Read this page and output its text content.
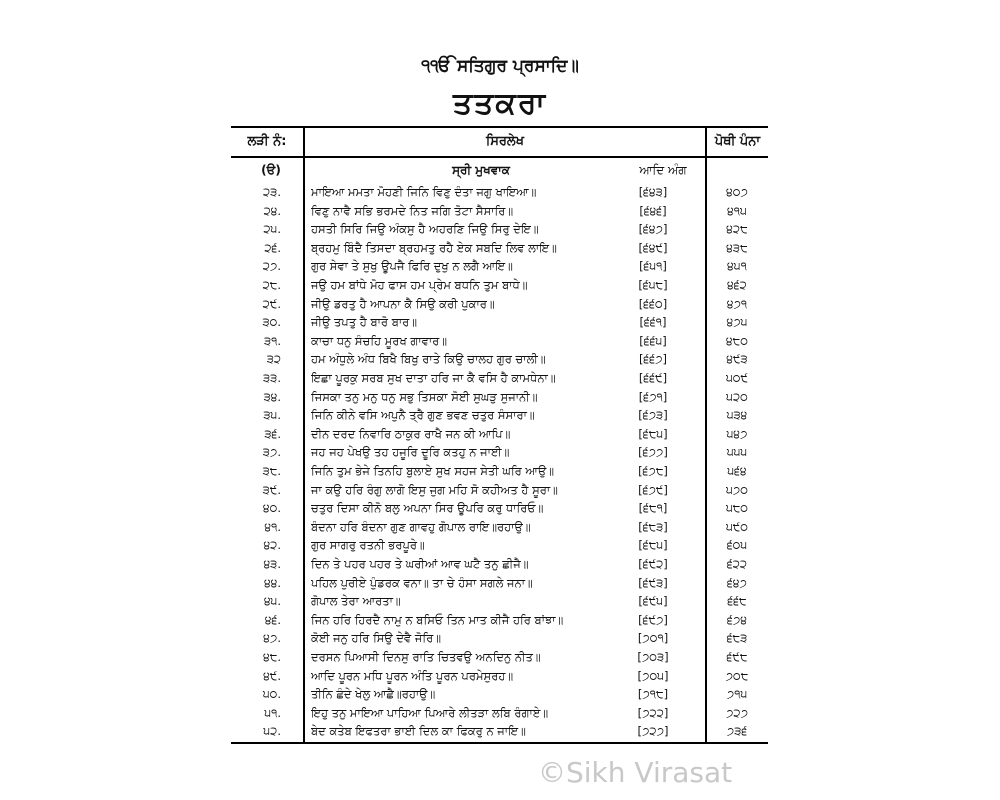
੧ੴ ਸਤਿਗੁਰ ਪ੍ਰਸਾਦਿ॥
ਤਤਕਰਾ
ਲੜੀ ਨੰ:	ਸਿਰਲੇਖ	ਪੋਥੀ ਪੰਨਾ
(ੳ)	ਸ੍ਰੀ ਮੁਖਵਾਕ	ਆਦਿ ਅੰਗ
੨੩.	ਮਾਇਆ ਮਮਤਾ ਮੋਹਣੀ ਜਿਨਿ ਵਿਣੁ ਦੰਤਾ ਜਗੁ ਖਾਇਆ॥	[੬੪੩]	੪੦੭
੨੪.	ਵਿਣੁ ਨਾਵੈ ਸਭਿ ਭਰਮਦੇ ਨਿਤ ਜਗਿ ਤੋਟਾ ਸੈਸਾਰਿ॥	[੬੪੬]	੪੧੫
੨੫.	ਹਸਤੀ ਸਿਰਿ ਜਿਉ ਅੰਕਸੁ ਹੈ ਅਹਰਣਿ ਜਿਉ ਸਿਰੁ ਦੇਇ॥	[੬੪੭]	੪੨੮
੨੬.	ਬ੍ਰਹਮੁ ਬਿੰਦੈ ਤਿਸਦਾ ਬ੍ਰਹਮਤੁ ਰਹੈ ਏਕ ਸਬਦਿ ਲਿਵ ਲਾਇ॥	[੬੪੯]	੪੩੮
੨੭.	ਗੁਰ ਸੇਵਾ ਤੇ ਸੁਖੁ ਊਪਜੈ ਫਿਰਿ ਦੁਖੁ ਨ ਲਗੈ ਆਇ॥	[੬੫੧]	੪੫੧
੨੮.	ਜਉ ਹਮ ਬਾਂਧੇ ਮੋਹ ਫਾਸ ਹਮ ਪ੍ਰੇਮ ਬਧਨਿ ਤੁਮ ਬਾਧੇ॥	[੬੫੮]	੪੬੨
੨੯.	ਜੀਉ ਡਰਤੁ ਹੈ ਆਪਨਾ ਕੈ ਸਿਉ ਕਰੀ ਪੁਕਾਰ॥	[੬੬੦]	੪੭੧
੩੦.	ਜੀਉ ਤਪਤੁ ਹੈ ਬਾਰੋ ਬਾਰ॥	[੬੬੧]	੪੭੫
੩੧.	ਕਾਚਾ ਧਨੁ ਸੰਚਹਿ ਮੂਰਖ ਗਾਵਾਰ॥	[੬੬੫]	੪੮੦
੩੨	ਹਮ ਅੰਧੁਲੇ ਅੰਧ ਬਿਖੈ ਬਿਖੁ ਰਾਤੇ ਕਿਉ ਚਾਲਹ ਗੁਰ ਚਾਲੀ॥	[੬੬੭]	੪੯੩
੩੩.	ਇਛਾ ਪੂਰਕੁ ਸਰਬ ਸੁਖ ਦਾਤਾ ਹਰਿ ਜਾ ਕੈ ਵਸਿ ਹੈ ਕਾਮਧੇਨਾ॥	[੬੬੯]	੫੦੯
੩੪.	ਜਿਸਕਾ ਤਨੁ ਮਨੁ ਧਨੁ ਸਭੁ ਤਿਸਕਾ ਸੋਈ ਸੁਘੜੁ ਸੁਜਾਨੀ॥	[੬੭੧]	੫੨੦
੩੫.	ਜਿਨਿ ਕੀਨੇ ਵਸਿ ਅਪੁਨੈ ਤ੍ਰੈ ਗੁਣ ਭਵਣ ਚਤੁਰ ਸੰਸਾਰਾ॥	[੬੭੩]	੫੩੪
੩੬.	ਦੀਨ ਦਰਦ ਨਿਵਾਰਿ ਠਾਕੁਰ ਰਾਖੈ ਜਨ ਕੀ ਆਪਿ॥	[੬੮੫]	੫੪੭
੩੭.	ਜਹ ਜਹ ਪੇਖਉ ਤਹ ਹਜੂਰਿ ਦੂਰਿ ਕਤਹੁ ਨ ਜਾਈ॥	[੬੭੭]	੫੫੫
੩੮.	ਜਿਨਿ ਤੁਮ ਭੇਜੇ ਤਿਨਹਿ ਬੁਲਾਏ ਸੁਖ ਸਹਜ ਸੇਤੀ ਘਰਿ ਆਉ॥	[੬੭੮]	੫੬੪
੩੯.	ਜਾ ਕਉ ਹਰਿ ਰੰਗੁ ਲਾਗੋ ਇਸੁ ਜੁਗ ਮਹਿ ਸੋ ਕਹੀਅਤ ਹੈ ਸੂਰਾ॥	[੬੭੯]	੫੭੦
੪੦.	ਚਤੁਰ ਦਿਸਾ ਕੀਨੋ ਬਲੁ ਅਪਨਾ ਸਿਰ ਊਪਰਿ ਕਰੁ ਧਾਰਿਓ॥	[੬੮੧]	੫੮੦
੪੧.	ਬੰਦਨਾ ਹਰਿ ਬੰਦਨਾ ਗੁਣ ਗਾਵਹੁ ਗੋਪਾਲ ਰਾਇ॥ਰਹਾਉ॥	[੬੮੩]	੫੯੦
੪੨.	ਗੁਰ ਸਾਗਰੁ ਰਤਨੀ ਭਰਪੂਰੇ॥	[੬੮੫]	੬੦੫
੪੩.	ਦਿਨ ਤੇ ਪਹਰ ਪਹਰ ਤੇ ਘਰੀਆਂ ਆਵ ਘਟੈ ਤਨੁ ਛੀਜੈ॥	[੬੯੨]	੬੨੨
੪੪.	ਪਹਿਲ ਪੁਰੀਏ ਪੁੰਡਰਕ ਵਨਾ॥ ਤਾ ਚੇ ਹੰਸਾ ਸਗਲੇ ਜਨਾ॥	[੬੯੩]	੬੪੭
੪੫.	ਗੋਪਾਲ ਤੇਰਾ ਆਰਤਾ॥	[੬੯੫]	੬੬੮
੪੬.	ਜਿਨ ਹਰਿ ਹਿਰਦੈ ਨਾਮੁ ਨ ਬਸਿਓ ਤਿਨ ਮਾਤ ਕੀਜੈ ਹਰਿ ਬਾਂਝਾ॥	[੬੯੭]	੬੭੪
੪੭.	ਕੋਈ ਜਨੁ ਹਰਿ ਸਿਉ ਦੇਵੈ ਜੋਰਿ॥	[੭੦੧]	੬੮੩
੪੮.	ਦਰਸਨ ਪਿਆਸੀ ਦਿਨਸੁ ਰਾਤਿ ਚਿਤਵਉ ਅਨਦਿਨੁ ਨੀਤ॥	[੭੦੩]	੬੯੮
੪੯.	ਆਦਿ ਪੂਰਨ ਮਧਿ ਪੂਰਨ ਅੰਤਿ ਪੂਰਨ ਪਰਮੇਸੁਰਹ॥	[੭੦੫]	੭੦੮
੫੦.	ਤੀਨਿ ਛੰਦੇ ਖੇਲੁ ਆਛੈ॥ਰਹਾਉ॥	[੭੧੮]	੭੧੫
੫੧.	ਇਹੁ ਤਨੁ ਮਾਇਆ ਪਾਹਿਆ ਪਿਆਰੇ ਲੀਤੜਾ ਲਬਿ ਰੰਗਾਏ॥	[੭੨੨]	੭੨੭
੫੨.	ਬੇਦ ਕਤੇਬ ਇਫਤਰਾ ਭਾਈ ਦਿਲ ਕਾ ਫਿਕਰੁ ਨ ਜਾਇ॥	[੭੨੭]	੭੩੬
©Sikh Virasat
